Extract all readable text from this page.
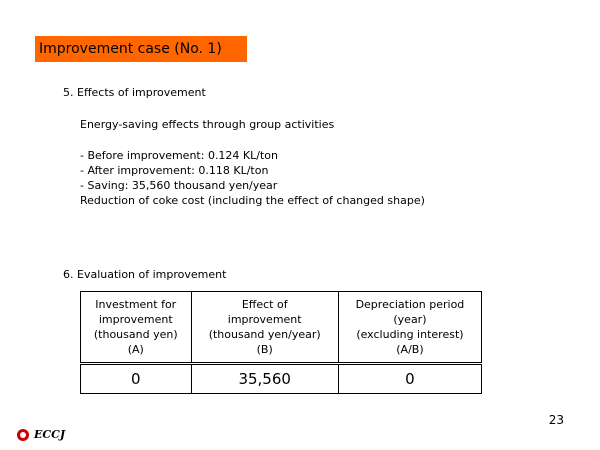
Improvement case (No. 1)
5. Effects of improvement
Energy-saving effects through group activities
- Before improvement: 0.124 KL/ton
- After improvement: 0.118 KL/ton
- Saving: 35,560 thousand yen/year
Reduction of coke cost (including the effect of changed shape)
6. Evaluation of improvement
Investment for
improvement
(thousand yen)
(A)	Effect of
improvement
(thousand yen/year)
(B)	Depreciation period
(year)
(excluding interest)
(A/B)

0	35,560	0
23
ECCJ
